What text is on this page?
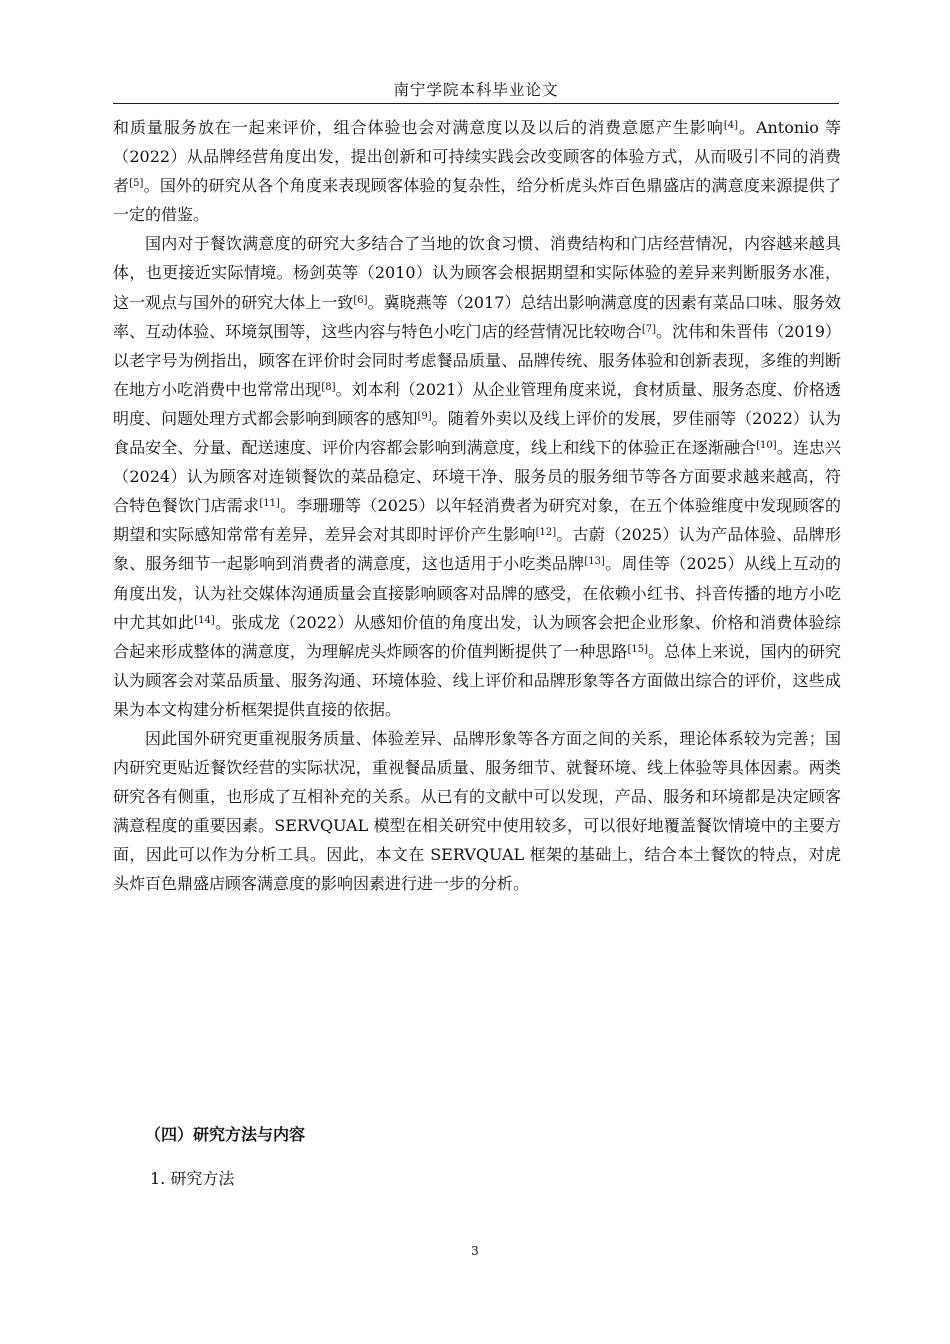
南宁学院本科毕业论文

和质量服务放在一起来评价，组合体验也会对满意度以及以后的消费意愿产生影响[4]。Antonio 等（2022）从品牌经营角度出发，提出创新和可持续实践会改变顾客的体验方式，从而吸引不同的消费者[5]。国外的研究从各个角度来表现顾客体验的复杂性，给分析虎头炸百色鼎盛店的满意度来源提供了一定的借鉴。

国内对于餐饮满意度的研究大多结合了当地的饮食习惯、消费结构和门店经营情况，内容越来越具体，也更接近实际情境。杨剑英等（2010）认为顾客会根据期望和实际体验的差异来判断服务水准，这一观点与国外的研究大体上一致[6]。冀晓燕等（2017）总结出影响满意度的因素有菜品口味、服务效率、互动体验、环境氛围等，这些内容与特色小吃门店的经营情况比较吻合[7]。沈伟和朱晋伟（2019）以老字号为例指出，顾客在评价时会同时考虑餐品质量、品牌传统、服务体验和创新表现，多维的判断在地方小吃消费中也常常出现[8]。刘本利（2021）从企业管理角度来说，食材质量、服务态度、价格透明度、问题处理方式都会影响到顾客的感知[9]。随着外卖以及线上评价的发展，罗佳丽等（2022）认为食品安全、分量、配送速度、评价内容都会影响到满意度，线上和线下的体验正在逐渐融合[10]。连忠兴（2024）认为顾客对连锁餐饮的菜品稳定、环境干净、服务员的服务细节等各方面要求越来越高，符合特色餐饮门店需求[11]。李珊珊等（2025）以年轻消费者为研究对象，在五个体验维度中发现顾客的期望和实际感知常常有差异，差异会对其即时评价产生影响[12]。古蔚（2025）认为产品体验、品牌形象、服务细节一起影响到消费者的满意度，这也适用于小吃类品牌[13]。周佳等（2025）从线上互动的角度出发，认为社交媒体沟通质量会直接影响顾客对品牌的感受，在依赖小红书、抖音传播的地方小吃中尤其如此[14]。张成龙（2022）从感知价值的角度出发，认为顾客会把企业形象、价格和消费体验综合起来形成整体的满意度，为理解虎头炸顾客的价值判断提供了一种思路[15]。总体上来说，国内的研究认为顾客会对菜品质量、服务沟通、环境体验、线上评价和品牌形象等各方面做出综合的评价，这些成果为本文构建分析框架提供直接的依据。

因此国外研究更重视服务质量、体验差异、品牌形象等各方面之间的关系，理论体系较为完善；国内研究更贴近餐饮经营的实际状况，重视餐品质量、服务细节、就餐环境、线上体验等具体因素。两类研究各有侧重，也形成了互相补充的关系。从已有的文献中可以发现，产品、服务和环境都是决定顾客满意程度的重要因素。SERVQUAL 模型在相关研究中使用较多，可以很好地覆盖餐饮情境中的主要方面，因此可以作为分析工具。因此，本文在 SERVQUAL 框架的基础上，结合本土餐饮的特点，对虎头炸百色鼎盛店顾客满意度的影响因素进行进一步的分析。

（四）研究方法与内容
1. 研究方法
3
